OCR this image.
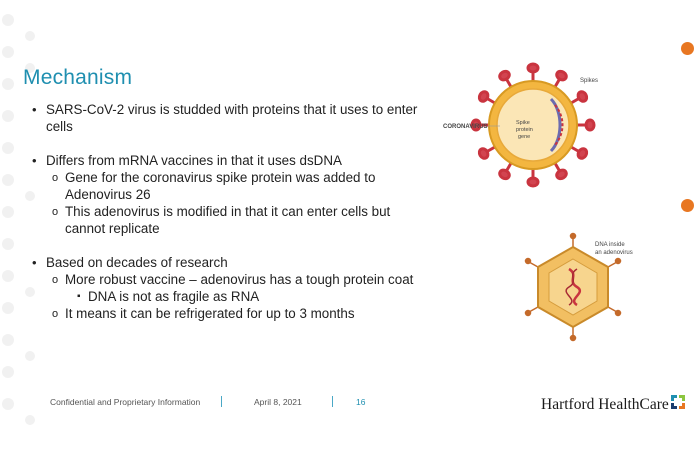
Mechanism
• SARS-CoV-2 virus is studded with proteins that it uses to enter cells
• Differs from mRNA vaccines in that it uses dsDNA
o Gene for the coronavirus spike protein was added to Adenovirus 26
o This adenovirus is modified in that it can enter cells but cannot replicate
• Based on decades of research
o More robust vaccine – adenovirus has a tough protein coat
▪ DNA is not as fragile as RNA
o It means it can be refrigerated for up to 3 months
CORONAVIRUS
Spikes
Spike
protein
gene
DNA inside
an adenovirus
Confidential and Proprietary Information	April 8, 2021	16	Hartford HealthCare
